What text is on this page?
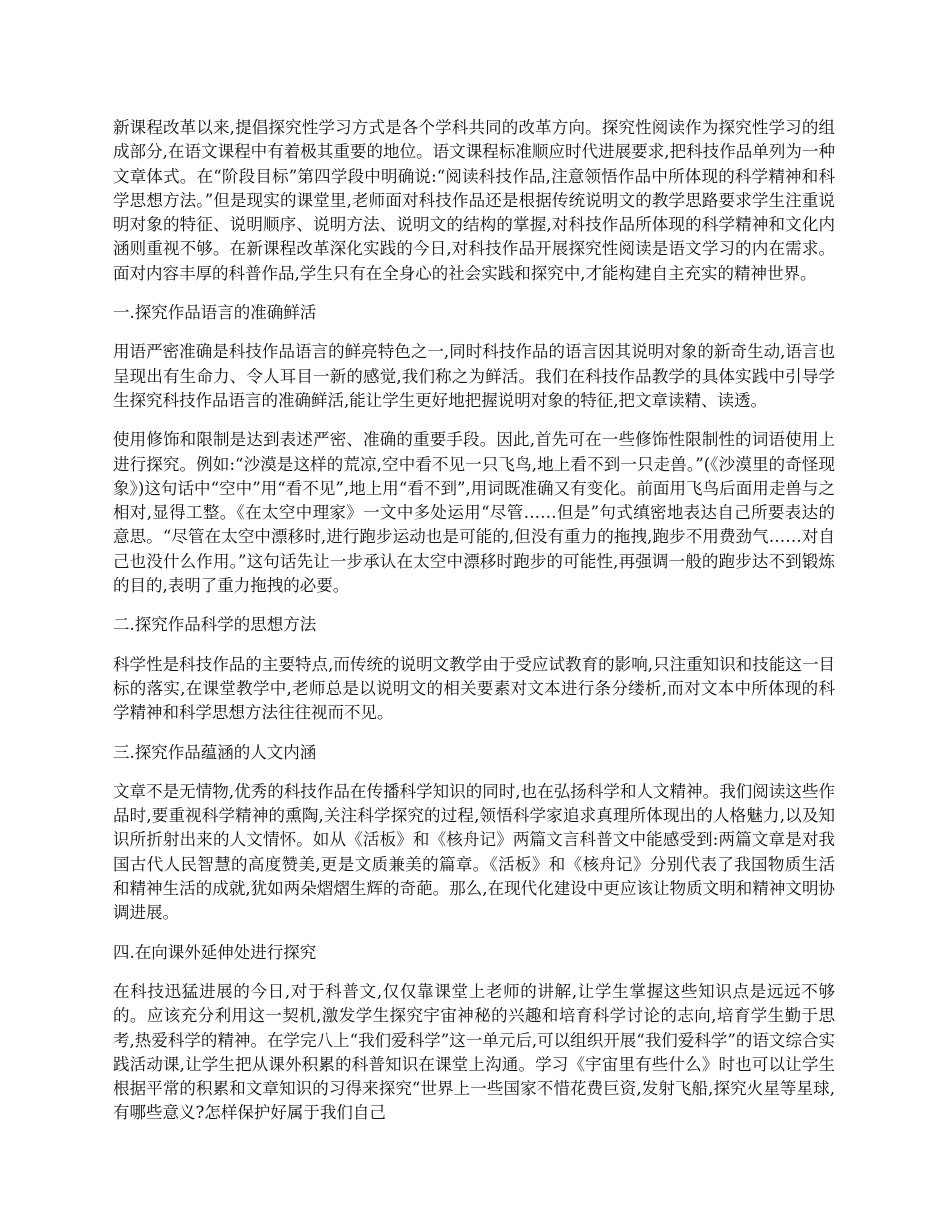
新课程改革以来,提倡探究性学习方式是各个学科共同的改革方向。探究性阅读作为探究性学习的组成部分,在语文课程中有着极其重要的地位。语文课程标准顺应时代进展要求,把科技作品单列为一种文章体式。在“阶段目标”第四学段中明确说:“阅读科技作品,注意领悟作品中所体现的科学精神和科学思想方法。”但是现实的课堂里,老师面对科技作品还是根据传统说明文的教学思路要求学生注重说明对象的特征、说明顺序、说明方法、说明文的结构的掌握,对科技作品所体现的科学精神和文化内涵则重视不够。在新课程改革深化实践的今日,对科技作品开展探究性阅读是语文学习的内在需求。面对内容丰厚的科普作品,学生只有在全身心的社会实践和探究中,才能构建自主充实的精神世界。

一.探究作品语言的准确鲜活

用语严密准确是科技作品语言的鲜亮特色之一,同时科技作品的语言因其说明对象的新奇生动,语言也呈现出有生命力、令人耳目一新的感觉,我们称之为鲜活。我们在科技作品教学的具体实践中引导学生探究科技作品语言的准确鲜活,能让学生更好地把握说明对象的特征,把文章读精、读透。

使用修饰和限制是达到表述严密、准确的重要手段。因此,首先可在一些修饰性限制性的词语使用上进行探究。例如:“沙漠是这样的荒凉,空中看不见一只飞鸟,地上看不到一只走兽。”(《沙漠里的奇怪现象》)这句话中“空中”用“看不见”,地上用“看不到”,用词既准确又有变化。前面用飞鸟后面用走兽与之相对,显得工整。《在太空中理家》一文中多处运用“尽管……但是”句式缜密地表达自己所要表达的意思。“尽管在太空中漂移时,进行跑步运动也是可能的,但没有重力的拖拽,跑步不用费劲气……对自己也没什么作用。”这句话先让一步承认在太空中漂移时跑步的可能性,再强调一般的跑步达不到锻炼的目的,表明了重力拖拽的必要。

二.探究作品科学的思想方法

科学性是科技作品的主要特点,而传统的说明文教学由于受应试教育的影响,只注重知识和技能这一目标的落实,在课堂教学中,老师总是以说明文的相关要素对文本进行条分缕析,而对文本中所体现的科学精神和科学思想方法往往视而不见。

三.探究作品蕴涵的人文内涵

文章不是无情物,优秀的科技作品在传播科学知识的同时,也在弘扬科学和人文精神。我们阅读这些作品时,要重视科学精神的熏陶,关注科学探究的过程,领悟科学家追求真理所体现出的人格魅力,以及知识所折射出来的人文情怀。如从《活板》和《核舟记》两篇文言科普文中能感受到:两篇文章是对我国古代人民智慧的高度赞美,更是文质兼美的篇章。《活板》和《核舟记》分别代表了我国物质生活和精神生活的成就,犹如两朵熠熠生辉的奇葩。那么,在现代化建设中更应该让物质文明和精神文明协调进展。

四.在向课外延伸处进行探究

在科技迅猛进展的今日,对于科普文,仅仅靠课堂上老师的讲解,让学生掌握这些知识点是远远不够的。应该充分利用这一契机,激发学生探究宇宙神秘的兴趣和培育科学讨论的志向,培育学生勤于思考,热爱科学的精神。在学完八上“我们爱科学”这一单元后,可以组织开展“我们爱科学”的语文综合实践活动课,让学生把从课外积累的科普知识在课堂上沟通。学习《宇宙里有些什么》时也可以让学生根据平常的积累和文章知识的习得来探究“世界上一些国家不惜花费巨资,发射飞船,探究火星等星球,有哪些意义?怎样保护好属于我们自己
